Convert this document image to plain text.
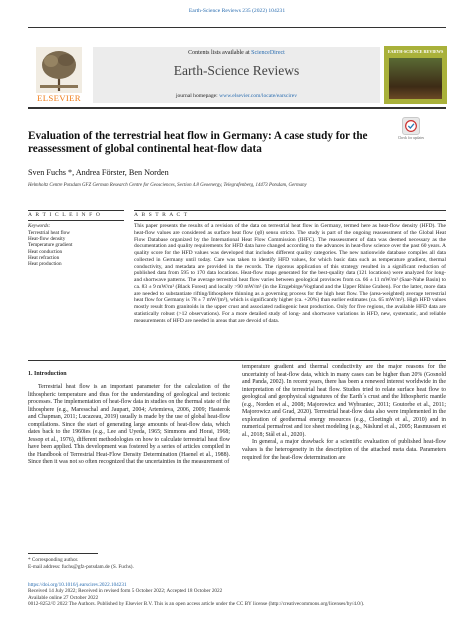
Earth-Science Reviews 235 (2022) 104231
Contents lists available at ScienceDirect
Earth-Science Reviews
journal homepage: www.elsevier.com/locate/earscirev
ELSEVIER
EARTH-SCIENCE REVIEWS
Evaluation of the terrestrial heat flow in Germany: A case study for the reassessment of global continental heat-flow data
Check for updates
Sven Fuchs *, Andrea Förster, Ben Norden
Helmholtz Centre Potsdam GFZ German Research Centre for Geosciences, Section 4.8 Geoenergy, Telegrafenberg, 14473 Potsdam, Germany
A R T I C L E I N F O
Keywords:
Terrestrial heat flow
Heat-flow density
Temperature gradient
Heat conduction
Heat refraction
Heat production
A B S T R A C T
This paper presents the results of a revision of the data on terrestrial heat flow in Germany, termed here as heat-flow density (HFD). The heat-flow values are considered as surface heat flow (q0) sensu stricto. The study is part of the ongoing reassessment of the Global Heat Flow Database organized by the International Heat Flow Commission (IHFC). The reassessment of data was deemed necessary as the documentation and quality requirements for HFD data have changed according to the advances in heat-flow science over the past 60 years. A quality score for the HFD values was developed that includes different quality categories. The new nationwide database compiles all data collected in Germany until today. Care was taken to identify HFD values, for which basic data such as temperature gradient, thermal conductivity, and metadata are provided in the records. The rigorous application of this strategy resulted in a significant reduction of published data from 595 to 170 data locations. Heat-flow maps generated for the best-quality data (121 locations) were analyzed for long- and shortwave patterns. The average terrestrial heat flow varies between geological provinces from ca. 66 ± 11 mW/m² (Saar-Nahe Basin) to ca. 83 ± 9 mW/m² (Black Forest) and locally >90 mW/m² (in the Erzgebirge/Vogtland and the Upper Rhine Graben). For the latter, more data are needed to substantiate rifting/lithosphere thinning as a governing process for the high heat flow. The (area-weighted) average terrestrial heat flow for Germany is 78 ± 7 mW/(m²), which is significantly higher (ca. +20%) than earlier estimates (ca. 65 mW/m²). High HFD values mostly result from granitoids in the upper crust and associated radiogenic heat production. Only for five regions, the available HFD data are statistically robust (>12 observations). For a more detailed study of long- and shortwave variations in HFD, new, systematic, and reliable measurements of HFD are needed in areas that are devoid of data.
1. Introduction
Terrestrial heat flow is an important parameter for the calculation of the lithospheric temperature and thus for the understanding of geological and tectonic processes. The implementation of heat-flow data in studies on the thermal state of the lithosphere (e.g., Maresschal and Jaupart, 2004; Artemieva, 2006, 2009; Hasterok and Chapman, 2011; Lucazeau, 2019) usually is made by the use of global heat-flow compilations. Since the start of generating large amounts of heat-flow data, which dates back to the 1960ies (e.g., Lee and Uyeda, 1965; Simmons and Horai, 1968; Jessop et al., 1976), different methodologies on how to calculate terrestrial heat flow have been applied. This development was fostered by a series of articles compiled in the Handbook of Terrestrial Heat-Flow Density Determination (Haenel et al., 1988). Since then it was not so often recognized that the uncertainties in the measurement of

temperature gradient and thermal conductivity are the major reasons for the uncertainty of heat-flow data, which in many cases can be higher than 20% (Gosnold and Panda, 2002). In recent years, there has been a renewed interest worldwide in the interpretation of the terrestrial heat flow. Studies tried to relate surface heat flow to geological and geophysical signatures of the Earth´s crust and the lithospheric mantle (e.g., Norden et al., 2008; Majorowicz and Wybraniec, 2011; Goutorbe et al., 2011; Majorowicz and Grad, 2020). Terrestrial heat-flow data also were implemented in the exploration of geothermal energy resources (e.g., Cloetingh et al., 2010) and in numerical permafrost and ice sheet modeling (e.g., Näslund et al., 2005; Rasmussen et al., 2018; Stål et al., 2020).

In general, a major drawback for a scientific evaluation of published heat-flow values is the heterogeneity in the description of the attached meta data. Parameters required for the heat-flow determination are

* Corresponding author.
E-mail address: fuchs@gfz-potsdam.de (S. Fuchs).
https://doi.org/10.1016/j.earscirev.2022.104231
Received 14 July 2022; Received in revised form 5 October 2022; Accepted 18 October 2022
Available online 27 October 2022
0012-8252/© 2022 The Authors. Published by Elsevier B.V. This is an open access article under the CC BY license (http://creativecommons.org/licenses/by/4.0/).
